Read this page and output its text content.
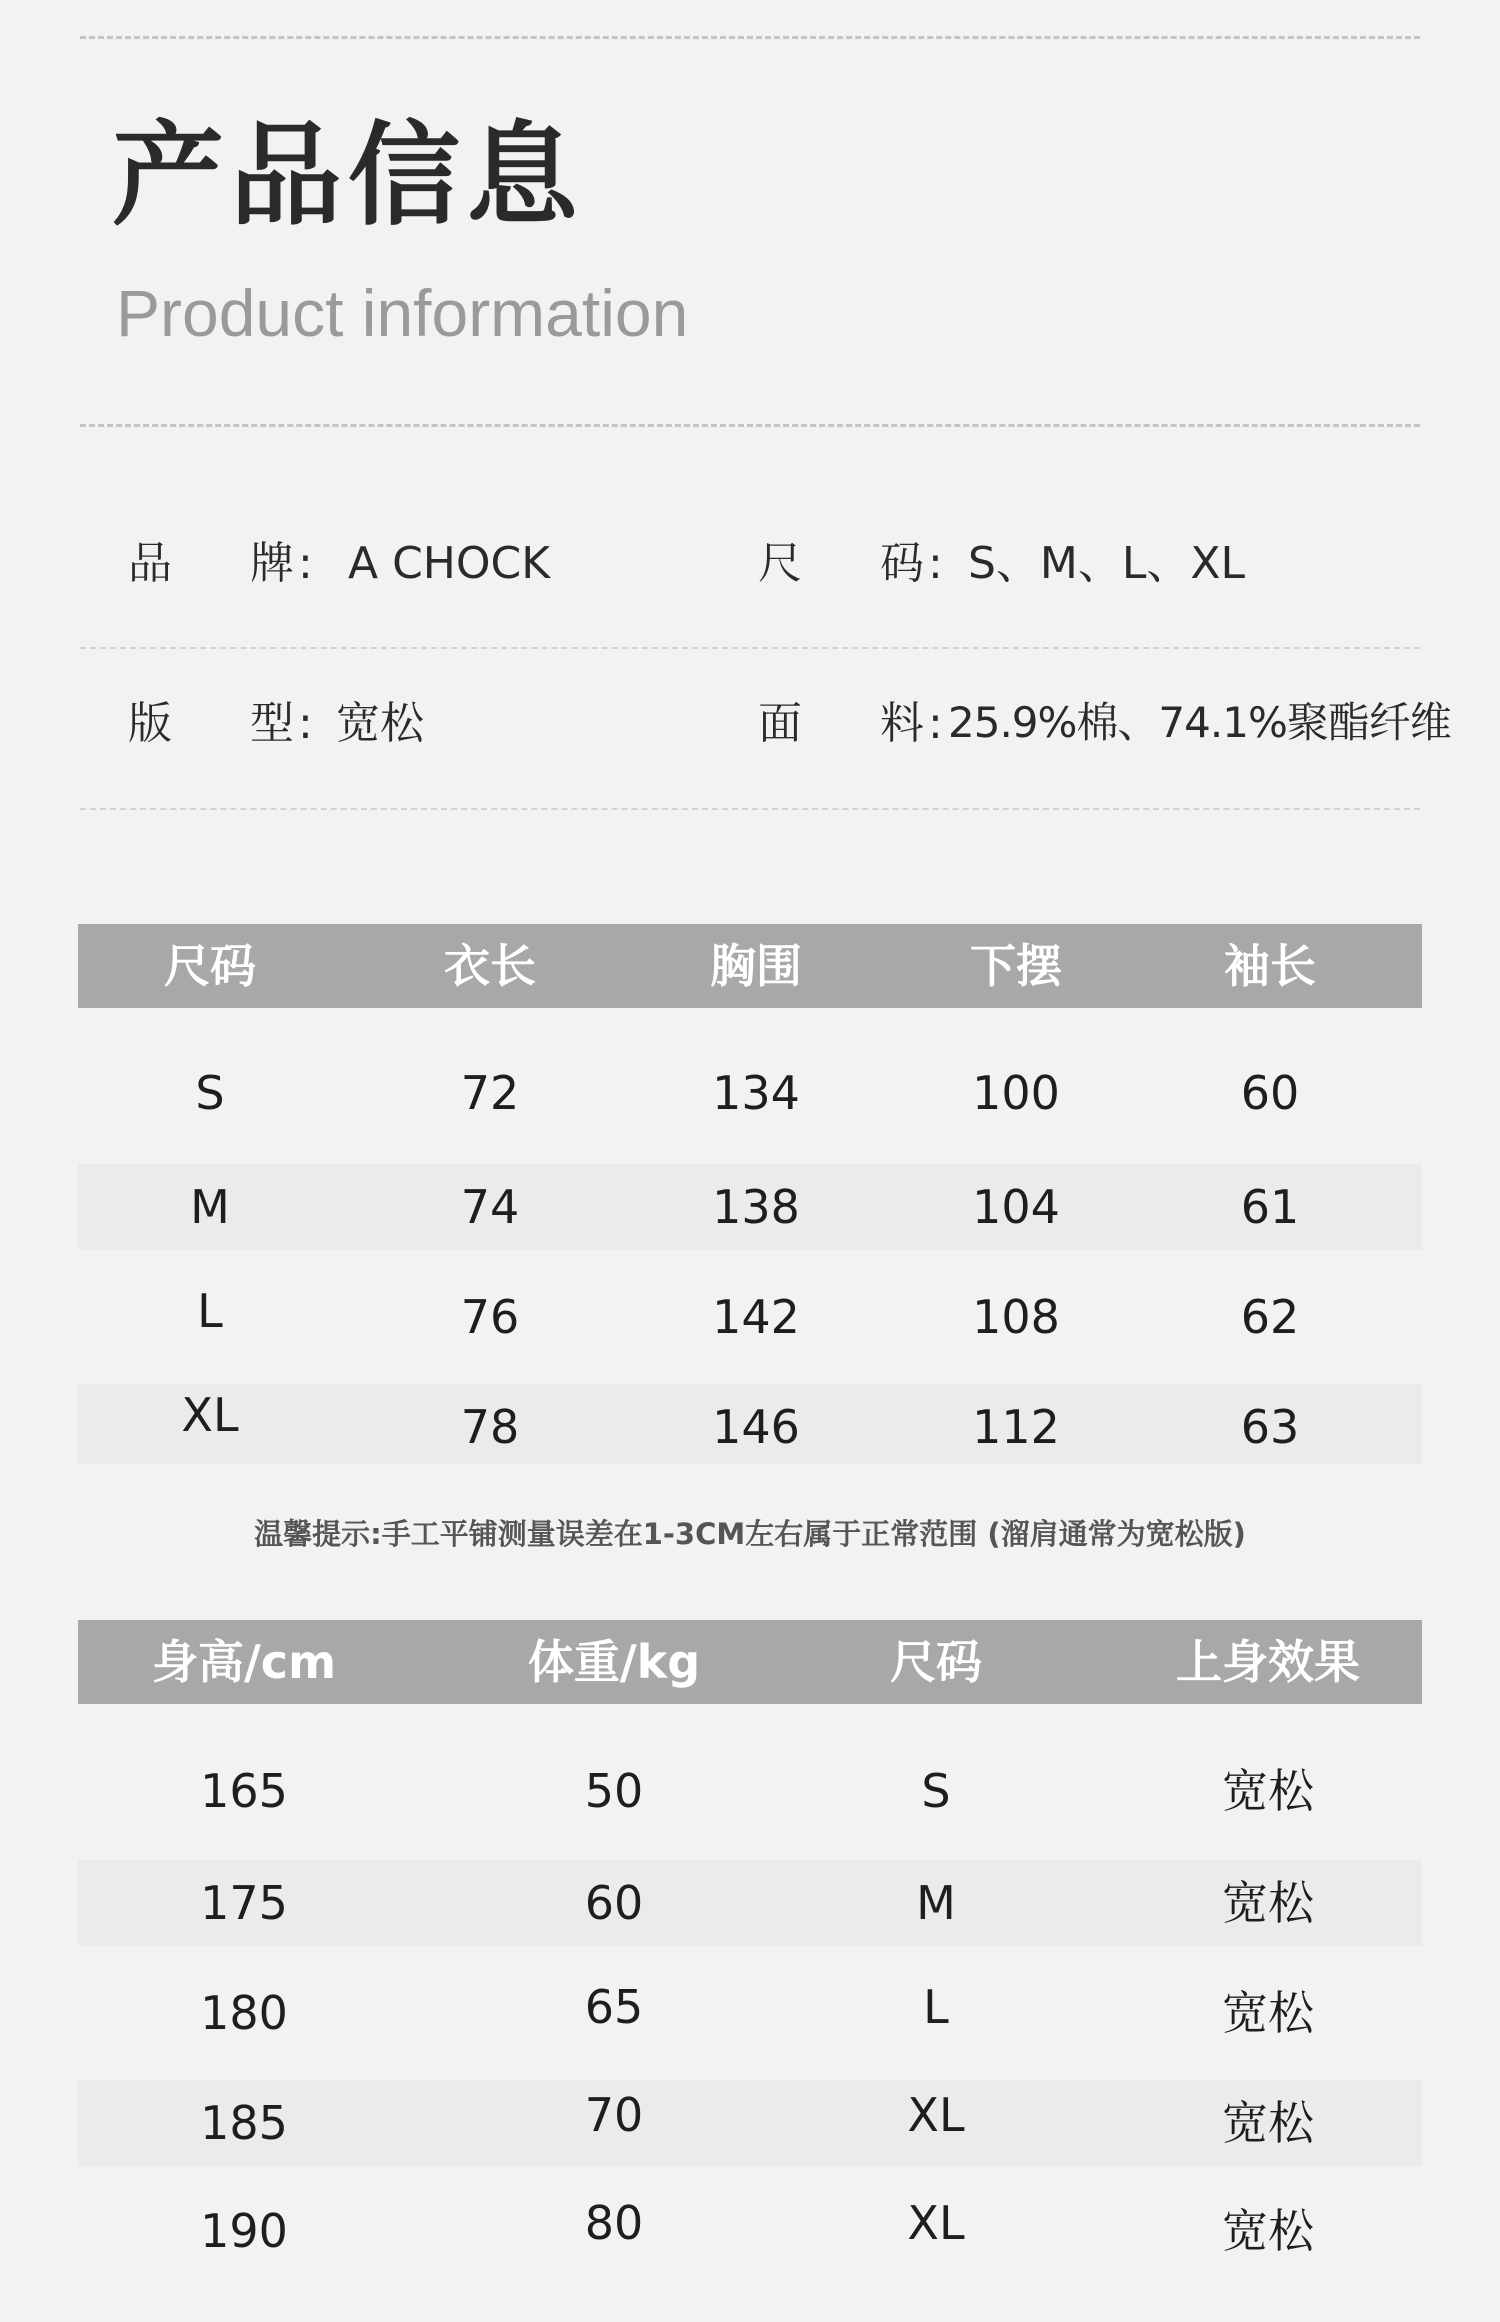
产品信息
Product information
品 牌 : A CHOCK	尺 码 : S、M、L、XL
版 型 : 宽松	面 料 : 25.9%棉、74.1%聚酯纤维
尺码	衣长	胸围	下摆	袖长
S	72	134	100	60
M	74	138	104	61
L	76	142	108	62
XL	78	146	112	63
温馨提示:手工平铺测量误差在1-3CM左右属于正常范围 (溜肩通常为宽松版)
身高/cm	体重/kg	尺码	上身效果
165	50	S	宽松
175	60	M	宽松
180	65	L	宽松
185	70	XL	宽松
190	80	XL	宽松
